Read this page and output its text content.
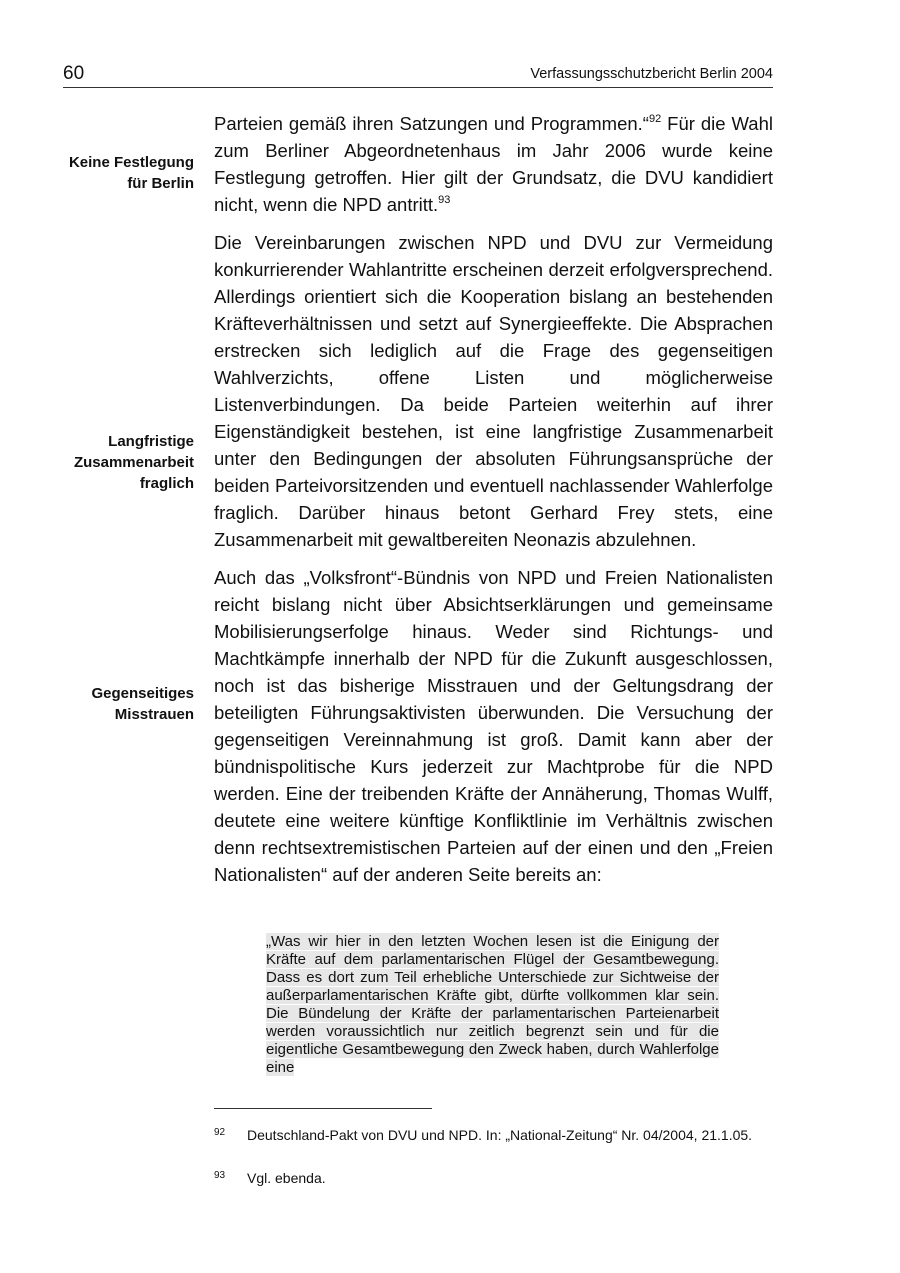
60	Verfassungsschutzbericht Berlin 2004
Keine Festlegung
für Berlin
Langfristige
Zusammenarbeit
fraglich
Gegenseitiges
Misstrauen

Parteien gemäß ihren Satzungen und Programmen.“$^{92}$ Für die Wahl zum Berliner Abgeordnetenhaus im Jahr 2006 wurde keine Festlegung getroffen. Hier gilt der Grundsatz, die DVU kandidiert nicht, wenn die NPD antritt.$^{93}$

Die Vereinbarungen zwischen NPD und DVU zur Vermeidung konkurrierender Wahlantritte erscheinen derzeit erfolgversprechend. Allerdings orientiert sich die Kooperation bislang an bestehenden Kräfteverhältnissen und setzt auf Synergieeffekte. Die Absprachen erstrecken sich lediglich auf die Frage des gegenseitigen Wahlverzichts, offene Listen und möglicherweise Listenverbindungen. Da beide Parteien weiterhin auf ihrer Eigenständigkeit bestehen, ist eine langfristige Zusammenarbeit unter den Bedingungen der absoluten Führungsansprüche der beiden Parteivorsitzenden und eventuell nachlassender Wahlerfolge fraglich. Darüber hinaus betont Gerhard Frey stets, eine Zusammenarbeit mit gewaltbereiten Neonazis abzulehnen.

Auch das „Volksfront“-Bündnis von NPD und Freien Nationalisten reicht bislang nicht über Absichtserklärungen und gemeinsame Mobilisierungserfolge hinaus. Weder sind Richtungs- und Machtkämpfe innerhalb der NPD für die Zukunft ausgeschlossen, noch ist das bisherige Misstrauen und der Geltungsdrang der beteiligten Führungsaktivisten überwunden. Die Versuchung der gegenseitigen Vereinnahmung ist groß. Damit kann aber der bündnispolitische Kurs jederzeit zur Machtprobe für die NPD werden. Eine der treibenden Kräfte der Annäherung, Thomas Wulff, deutete eine weitere künftige Konfliktlinie im Verhältnis zwischen denn rechtsextremistischen Parteien auf der einen und den „Freien Nationalisten“ auf der anderen Seite bereits an:

„Was wir hier in den letzten Wochen lesen ist die Einigung der Kräfte auf dem parlamentarischen Flügel der Gesamtbewegung. Dass es dort zum Teil erhebliche Unterschiede zur Sichtweise der außerparlamentarischen Kräfte gibt, dürfte vollkommen klar sein. Die Bündelung der Kräfte der parlamentarischen Parteienarbeit werden voraussichtlich nur zeitlich begrenzt sein und für die eigentliche Gesamtbewegung den Zweck haben, durch Wahlerfolge eine
92 Deutschland-Pakt von DVU und NPD. In: „National-Zeitung“ Nr. 04/2004, 21.1.05.
93 Vgl. ebenda.
